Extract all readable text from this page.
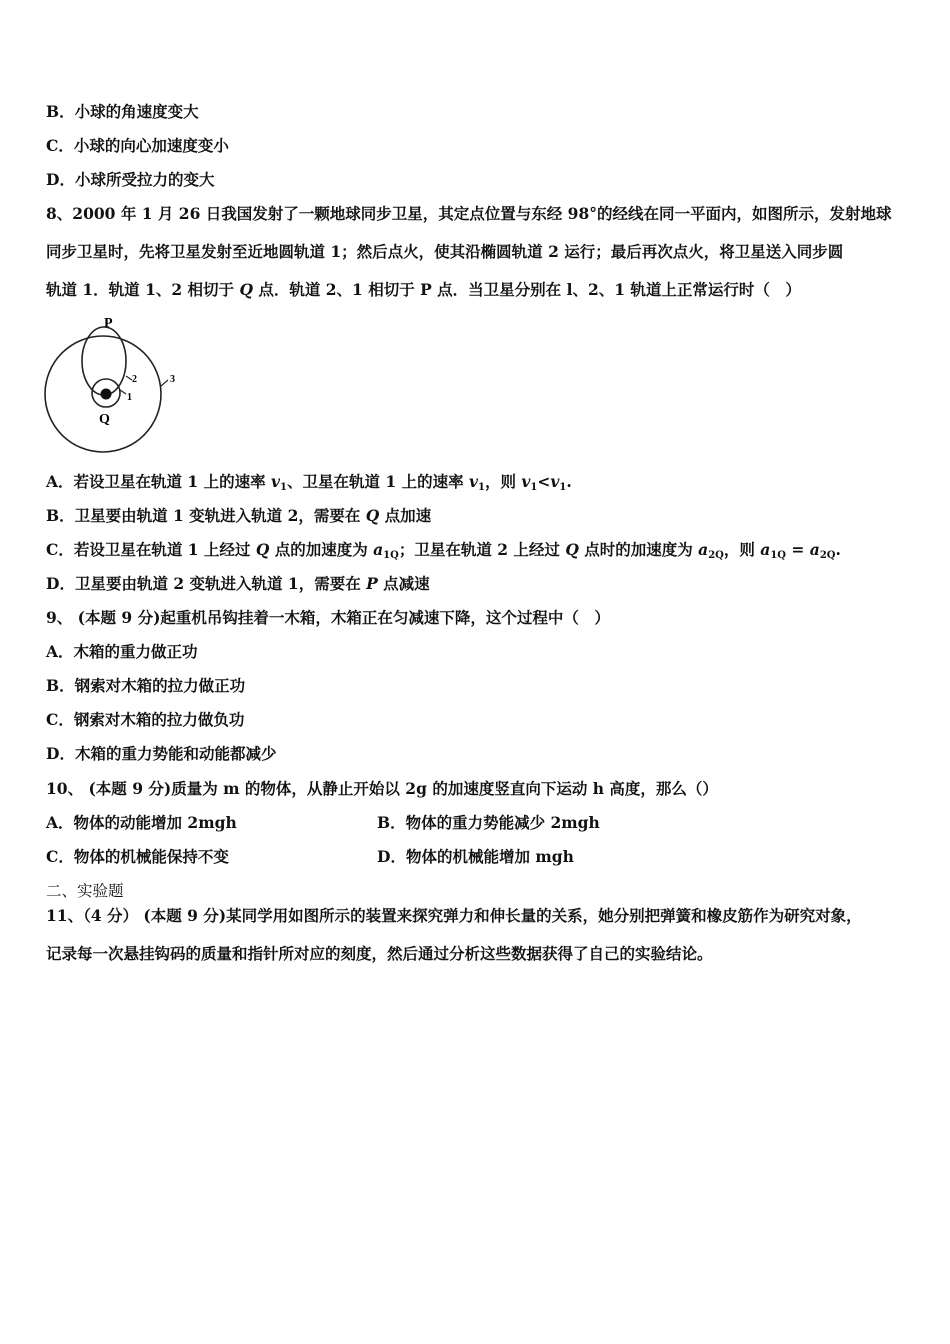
B．小球的角速度变大
C．小球的向心加速度变小
D．小球所受拉力的变大
8、2000 年 1 月 26 日我国发射了一颗地球同步卫星，其定点位置与东经 98°的经线在同一平面内，如图所示，发射地球
同步卫星时，先将卫星发射至近地圆轨道 1；然后点火，使其沿椭圆轨道 2 运行；最后再次点火，将卫星送入同步圆
轨道 1．轨道 1、2 相切于 Q 点．轨道 2、1 相切于 P 点．当卫星分别在 l、2、1 轨道上正常运行时（　）
P
Q
1
2	3
A．若设卫星在轨道 1 上的速率 $v_1$、卫星在轨道 1 上的速率 $v_1$，则 $v_1<v_1$.
B．卫星要由轨道 1 变轨进入轨道 2，需要在 Q 点加速
C．若设卫星在轨道 1 上经过 Q 点的加速度为 $a_{1Q}$；卫星在轨道 2 上经过 Q 点时的加速度为 $a_{2Q}$，则 $a_{1Q} = a_{2Q}$.
D．卫星要由轨道 2 变轨进入轨道 1，需要在 P 点减速
9、 (本题 9 分)起重机吊钩挂着一木箱，木箱正在匀减速下降，这个过程中（　）
A．木箱的重力做正功
B．钢索对木箱的拉力做正功
C．钢索对木箱的拉力做负功
D．木箱的重力势能和动能都减少
10、 (本题 9 分)质量为 m 的物体，从静止开始以 2g 的加速度竖直向下运动 h 高度，那么（）
A．物体的动能增加 2mgh	B．物体的重力势能减少 2mgh
C．物体的机械能保持不变	D．物体的机械能增加 mgh
二、实验题
11、（4 分） (本题 9 分)某同学用如图所示的装置来探究弹力和伸长量的关系，她分别把弹簧和橡皮筋作为研究对象，
记录每一次悬挂钩码的质量和指针所对应的刻度，然后通过分析这些数据获得了自己的实验结论。
